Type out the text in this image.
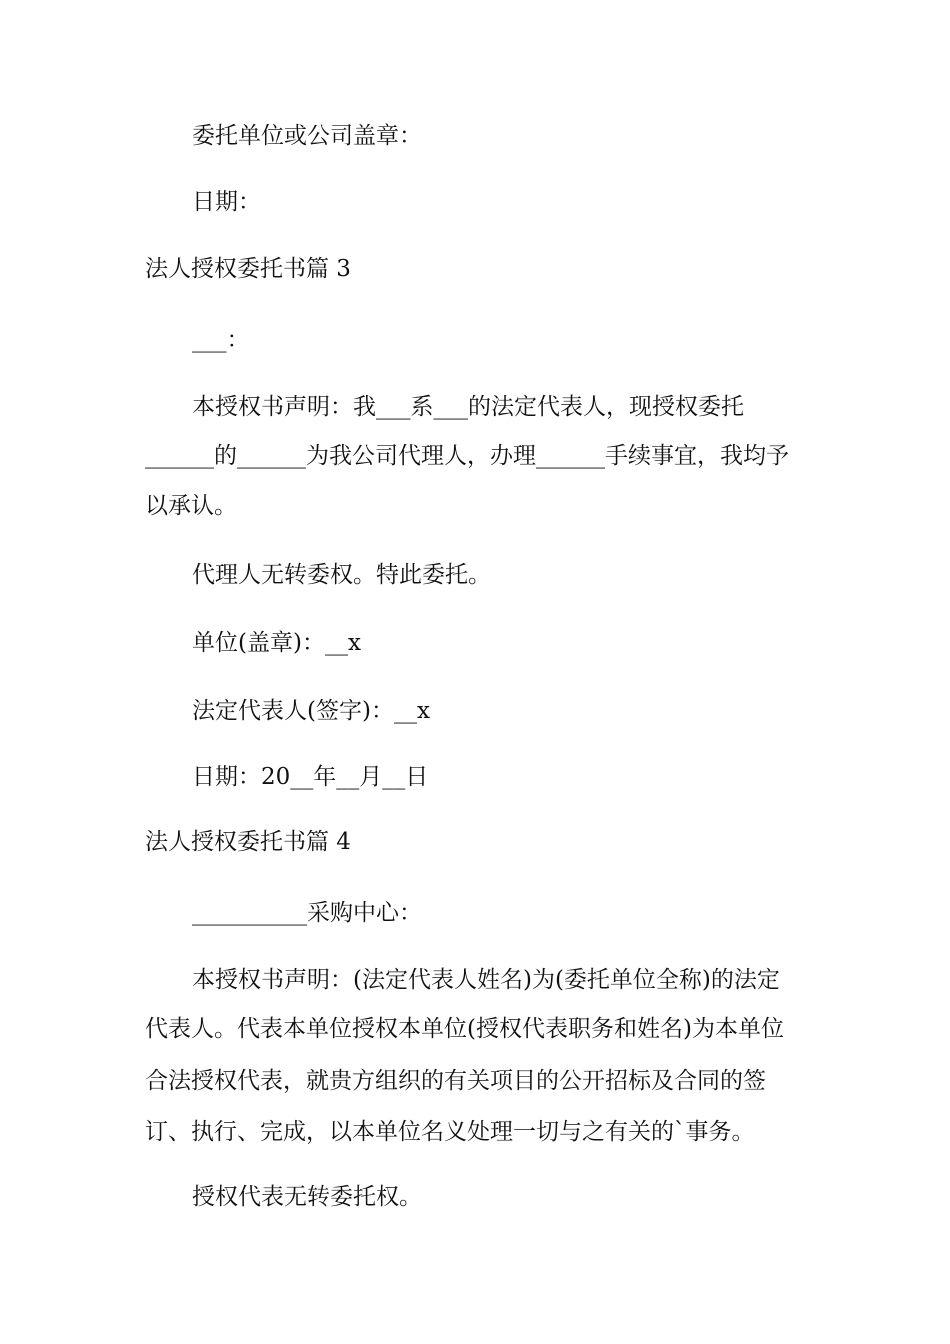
委托单位或公司盖章：
日期：
法人授权委托书篇 3
___：
本授权书声明：我___系___的法定代表人，现授权委托
______的______为我公司代理人，办理______手续事宜，我均予
以承认。
代理人无转委权。特此委托。
单位(盖章)：__x
法定代表人(签字)：__x
日期：20__年__月__日
法人授权委托书篇 4
__________采购中心：
本授权书声明：(法定代表人姓名)为(委托单位全称)的法定
代表人。代表本单位授权本单位(授权代表职务和姓名)为本单位
合法授权代表，就贵方组织的有关项目的公开招标及合同的签
订、执行、完成，以本单位名义处理一切与之有关的`事务。
授权代表无转委托权。
